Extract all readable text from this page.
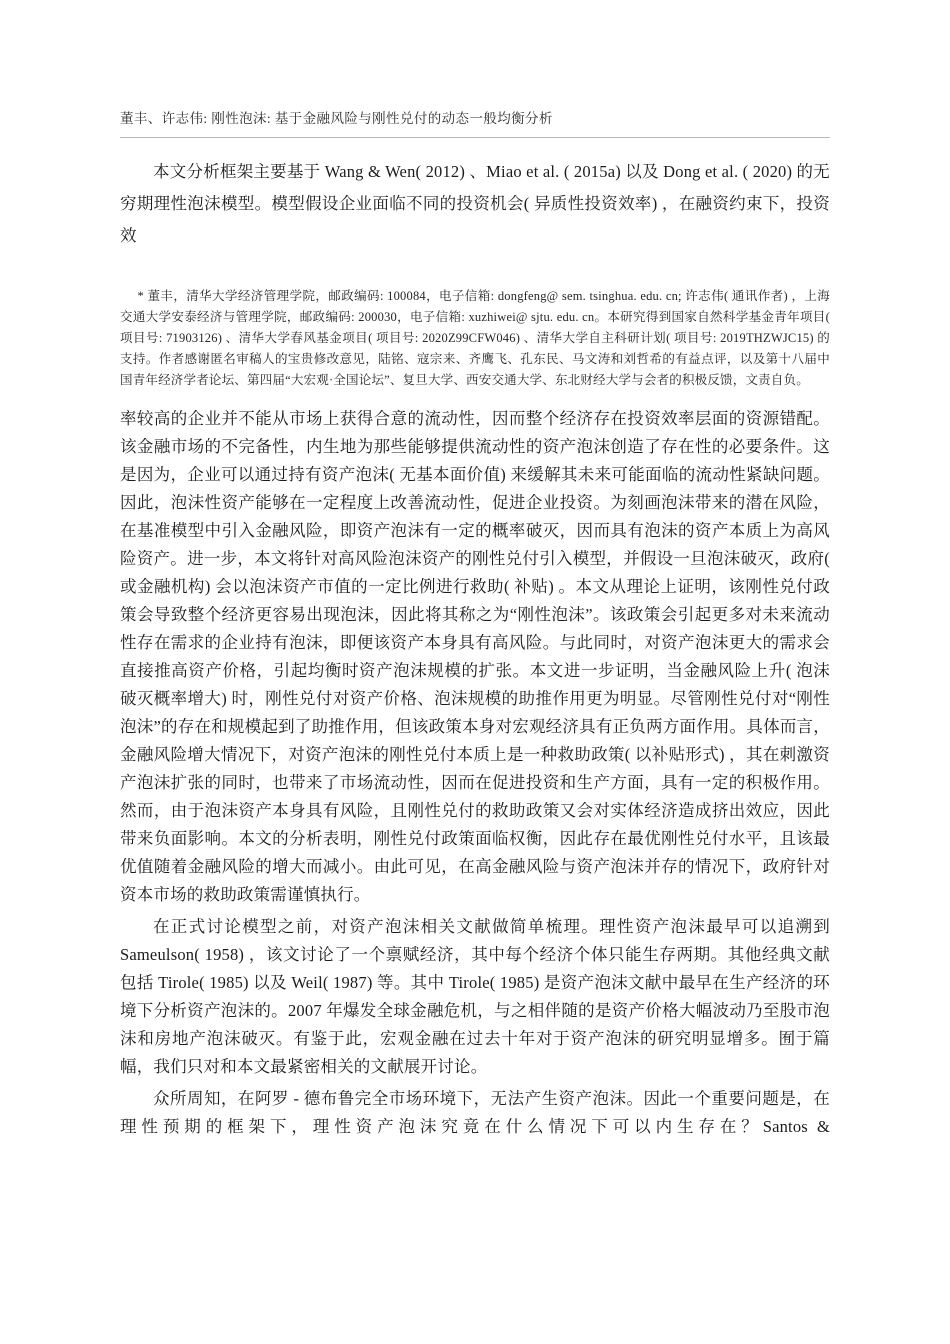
董丰、许志伟: 刚性泡沫: 基于金融风险与刚性兑付的动态一般均衡分析

本文分析框架主要基于 Wang & Wen( 2012) 、Miao et al. ( 2015a) 以及 Dong et al. ( 2020) 的无穷期理性泡沫模型。模型假设企业面临不同的投资机会( 异质性投资效率) ，在融资约束下，投资效

* 董丰，清华大学经济管理学院，邮政编码: 100084，电子信箱: dongfeng@ sem. tsinghua. edu. cn; 许志伟( 通讯作者) ，上海交通大学安泰经济与管理学院，邮政编码: 200030，电子信箱: xuzhiwei@ sjtu. edu. cn。本研究得到国家自然科学基金青年项目( 项目号: 71903126) 、清华大学春风基金项目( 项目号: 2020Z99CFW046) 、清华大学自主科研计划( 项目号: 2019THZWJC15) 的支持。作者感谢匿名审稿人的宝贵修改意见，陆铭、寇宗来、齐鹰飞、孔东民、马文涛和刘哲希的有益点评，以及第十八届中国青年经济学者论坛、第四届“大宏观·全国论坛”、复旦大学、西安交通大学、东北财经大学与会者的积极反馈，文责自负。

率较高的企业并不能从市场上获得合意的流动性，因而整个经济存在投资效率层面的资源错配。该金融市场的不完备性，内生地为那些能够提供流动性的资产泡沫创造了存在性的必要条件。这是因为，企业可以通过持有资产泡沫( 无基本面价值) 来缓解其未来可能面临的流动性紧缺问题。因此，泡沫性资产能够在一定程度上改善流动性，促进企业投资。为刻画泡沫带来的潜在风险，在基准模型中引入金融风险，即资产泡沫有一定的概率破灭，因而具有泡沫的资产本质上为高风险资产。进一步，本文将针对高风险泡沫资产的刚性兑付引入模型，并假设一旦泡沫破灭，政府( 或金融机构) 会以泡沫资产市值的一定比例进行救助( 补贴) 。本文从理论上证明，该刚性兑付政策会导致整个经济更容易出现泡沫，因此将其称之为“刚性泡沫”。该政策会引起更多对未来流动性存在需求的企业持有泡沫，即便该资产本身具有高风险。与此同时，对资产泡沫更大的需求会直接推高资产价格，引起均衡时资产泡沫规模的扩张。本文进一步证明，当金融风险上升( 泡沫破灭概率增大) 时，刚性兑付对资产价格、泡沫规模的助推作用更为明显。尽管刚性兑付对“刚性泡沫”的存在和规模起到了助推作用，但该政策本身对宏观经济具有正负两方面作用。具体而言，金融风险增大情况下，对资产泡沫的刚性兑付本质上是一种救助政策( 以补贴形式) ，其在刺激资产泡沫扩张的同时，也带来了市场流动性，因而在促进投资和生产方面，具有一定的积极作用。然而，由于泡沫资产本身具有风险，且刚性兑付的救助政策又会对实体经济造成挤出效应，因此带来负面影响。本文的分析表明，刚性兑付政策面临权衡，因此存在最优刚性兑付水平，且该最优值随着金融风险的增大而减小。由此可见，在高金融风险与资产泡沫并存的情况下，政府针对资本市场的救助政策需谨慎执行。

在正式讨论模型之前，对资产泡沫相关文献做简单梳理。理性资产泡沫最早可以追溯到 Sameulson( 1958) ，该文讨论了一个禀赋经济，其中每个经济个体只能生存两期。其他经典文献包括 Tirole( 1985) 以及 Weil( 1987) 等。其中 Tirole( 1985) 是资产泡沫文献中最早在生产经济的环境下分析资产泡沫的。2007 年爆发全球金融危机，与之相伴随的是资产价格大幅波动乃至股市泡沫和房地产泡沫破灭。有鉴于此，宏观金融在过去十年对于资产泡沫的研究明显增多。囿于篇幅，我们只对和本文最紧密相关的文献展开讨论。

众所周知，在阿罗 - 德布鲁完全市场环境下，无法产生资产泡沫。因此一个重要问题是，在理性预期的框架下，理性资产泡沫究竟在什么情况下可以内生存在？Santos &
